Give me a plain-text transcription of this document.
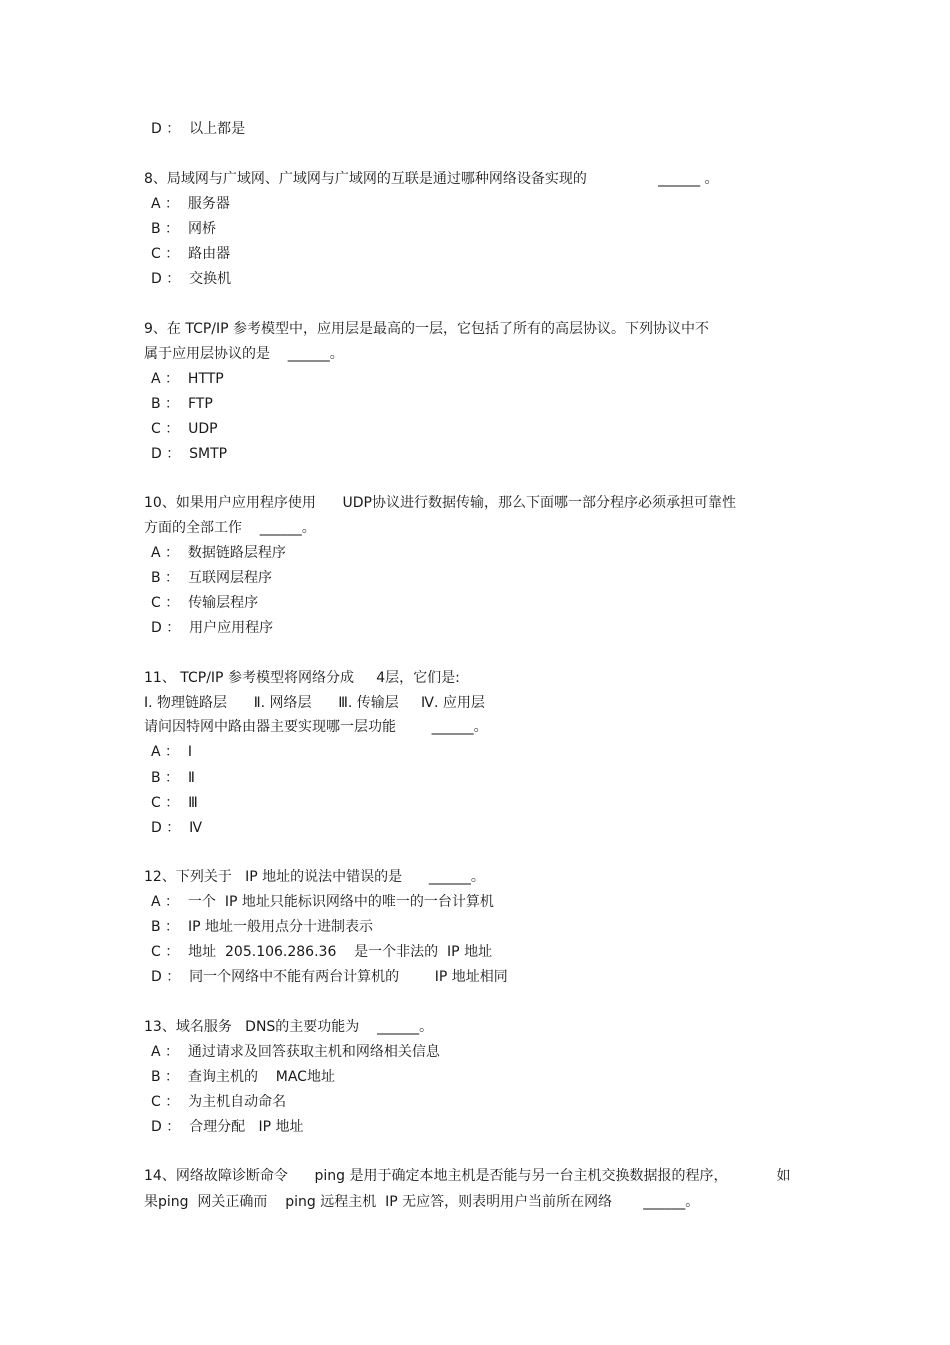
D ：  以上都是
8、局域网与广域网、广域网与广域网的互联是通过哪种网络设备实现的                ______ 。
A ：  服务器
B ：  网桥
C ：  路由器
D ：  交换机
9、在 TCP/IP 参考模型中，应用层是最高的一层，它包括了所有的高层协议。下列协议中不
属于应用层协议的是    ______。
A ：  HTTP
B ：  FTP
C ：  UDP
D ：  SMTP
10、如果用户应用程序使用      UDP协议进行数据传输，那么下面哪一部分程序必须承担可靠性
方面的全部工作    ______。
A ：  数据链路层程序
B ：  互联网层程序
C ：  传输层程序
D ：  用户应用程序
11、 TCP/IP 参考模型将网络分成     4层，它们是:
Ⅰ. 物理链路层      Ⅱ. 网络层      Ⅲ. 传输层     Ⅳ. 应用层
请问因特网中路由器主要实现哪一层功能        ______。
A ：  Ⅰ
B ：  Ⅱ
C ：  Ⅲ
D ：  Ⅳ
12、下列关于   IP 地址的说法中错误的是      ______。
A ：  一个  IP 地址只能标识网络中的唯一的一台计算机
B ：  IP 地址一般用点分十进制表示
C ：  地址  205.106.286.36    是一个非法的  IP 地址
D ：  同一个网络中不能有两台计算机的        IP 地址相同
13、域名服务   DNS的主要功能为    ______。
A ：  通过请求及回答获取主机和网络相关信息
B ：  查询主机的    MAC地址
C ：  为主机自动命名
D ：  合理分配   IP 地址
14、网络故障诊断命令      ping 是用于确定本地主机是否能与另一台主机交换数据报的程序，           如
果ping  网关正确而    ping 远程主机  IP 无应答，则表明用户当前所在网络       ______。
